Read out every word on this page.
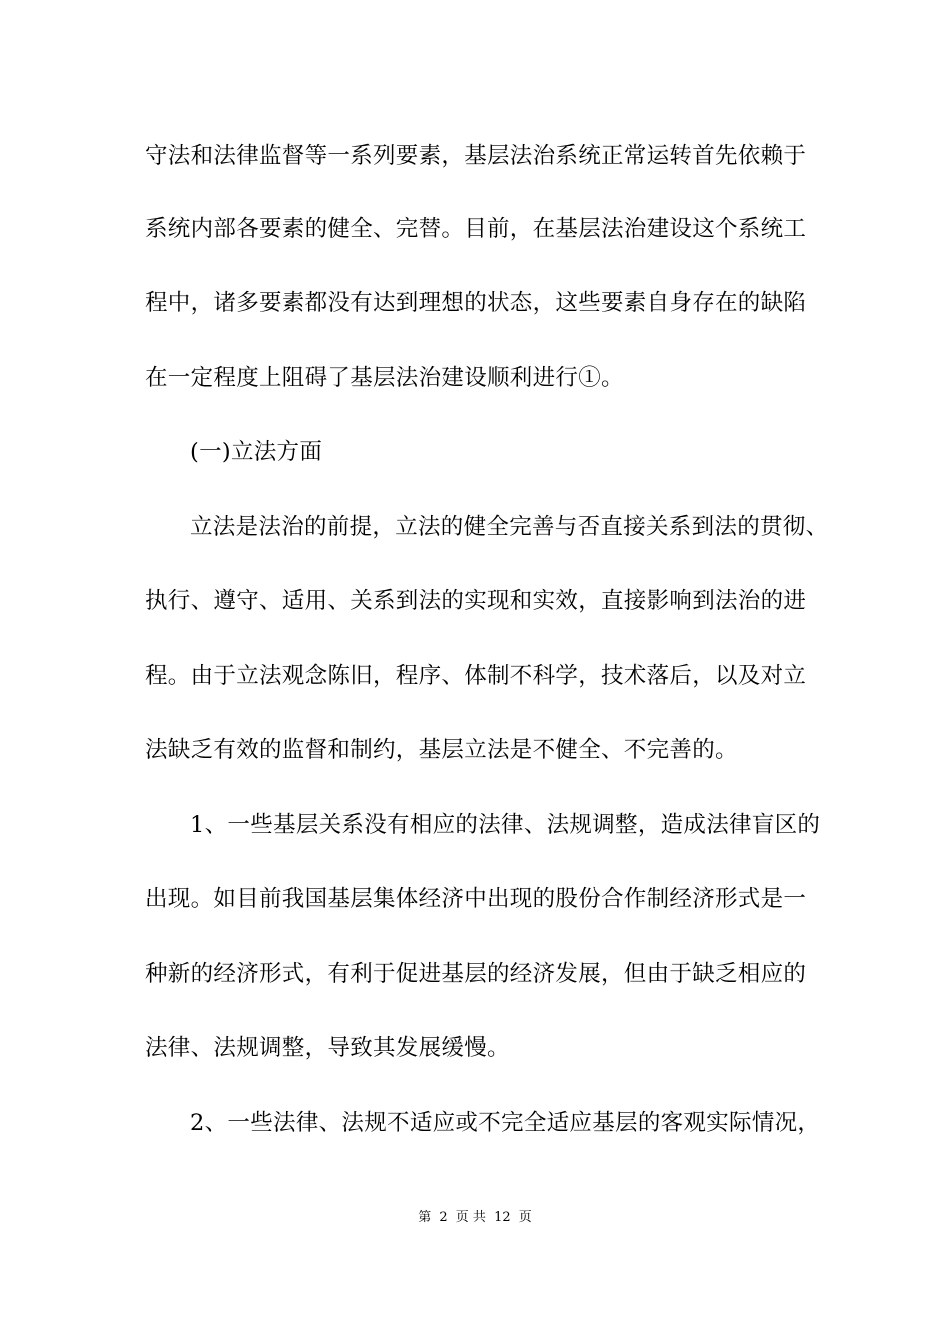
守法和法律监督等一系列要素，基层法治系统正常运转首先依赖于
系统内部各要素的健全、完替。目前，在基层法治建设这个系统工
程中，诸多要素都没有达到理想的状态，这些要素自身存在的缺陷
在一定程度上阻碍了基层法治建设顺利进行①。
(一)立法方面
立法是法治的前提，立法的健全完善与否直接关系到法的贯彻、
执行、遵守、适用、关系到法的实现和实效，直接影响到法治的进
程。由于立法观念陈旧，程序、体制不科学，技术落后，以及对立
法缺乏有效的监督和制约，基层立法是不健全、不完善的。
1、一些基层关系没有相应的法律、法规调整，造成法律盲区的
出现。如目前我国基层集体经济中出现的股份合作制经济形式是一
种新的经济形式，有利于促进基层的经济发展，但由于缺乏相应的
法律、法规调整，导致其发展缓慢。
2、一些法律、法规不适应或不完全适应基层的客观实际情况，
第 2 页 共 12 页
